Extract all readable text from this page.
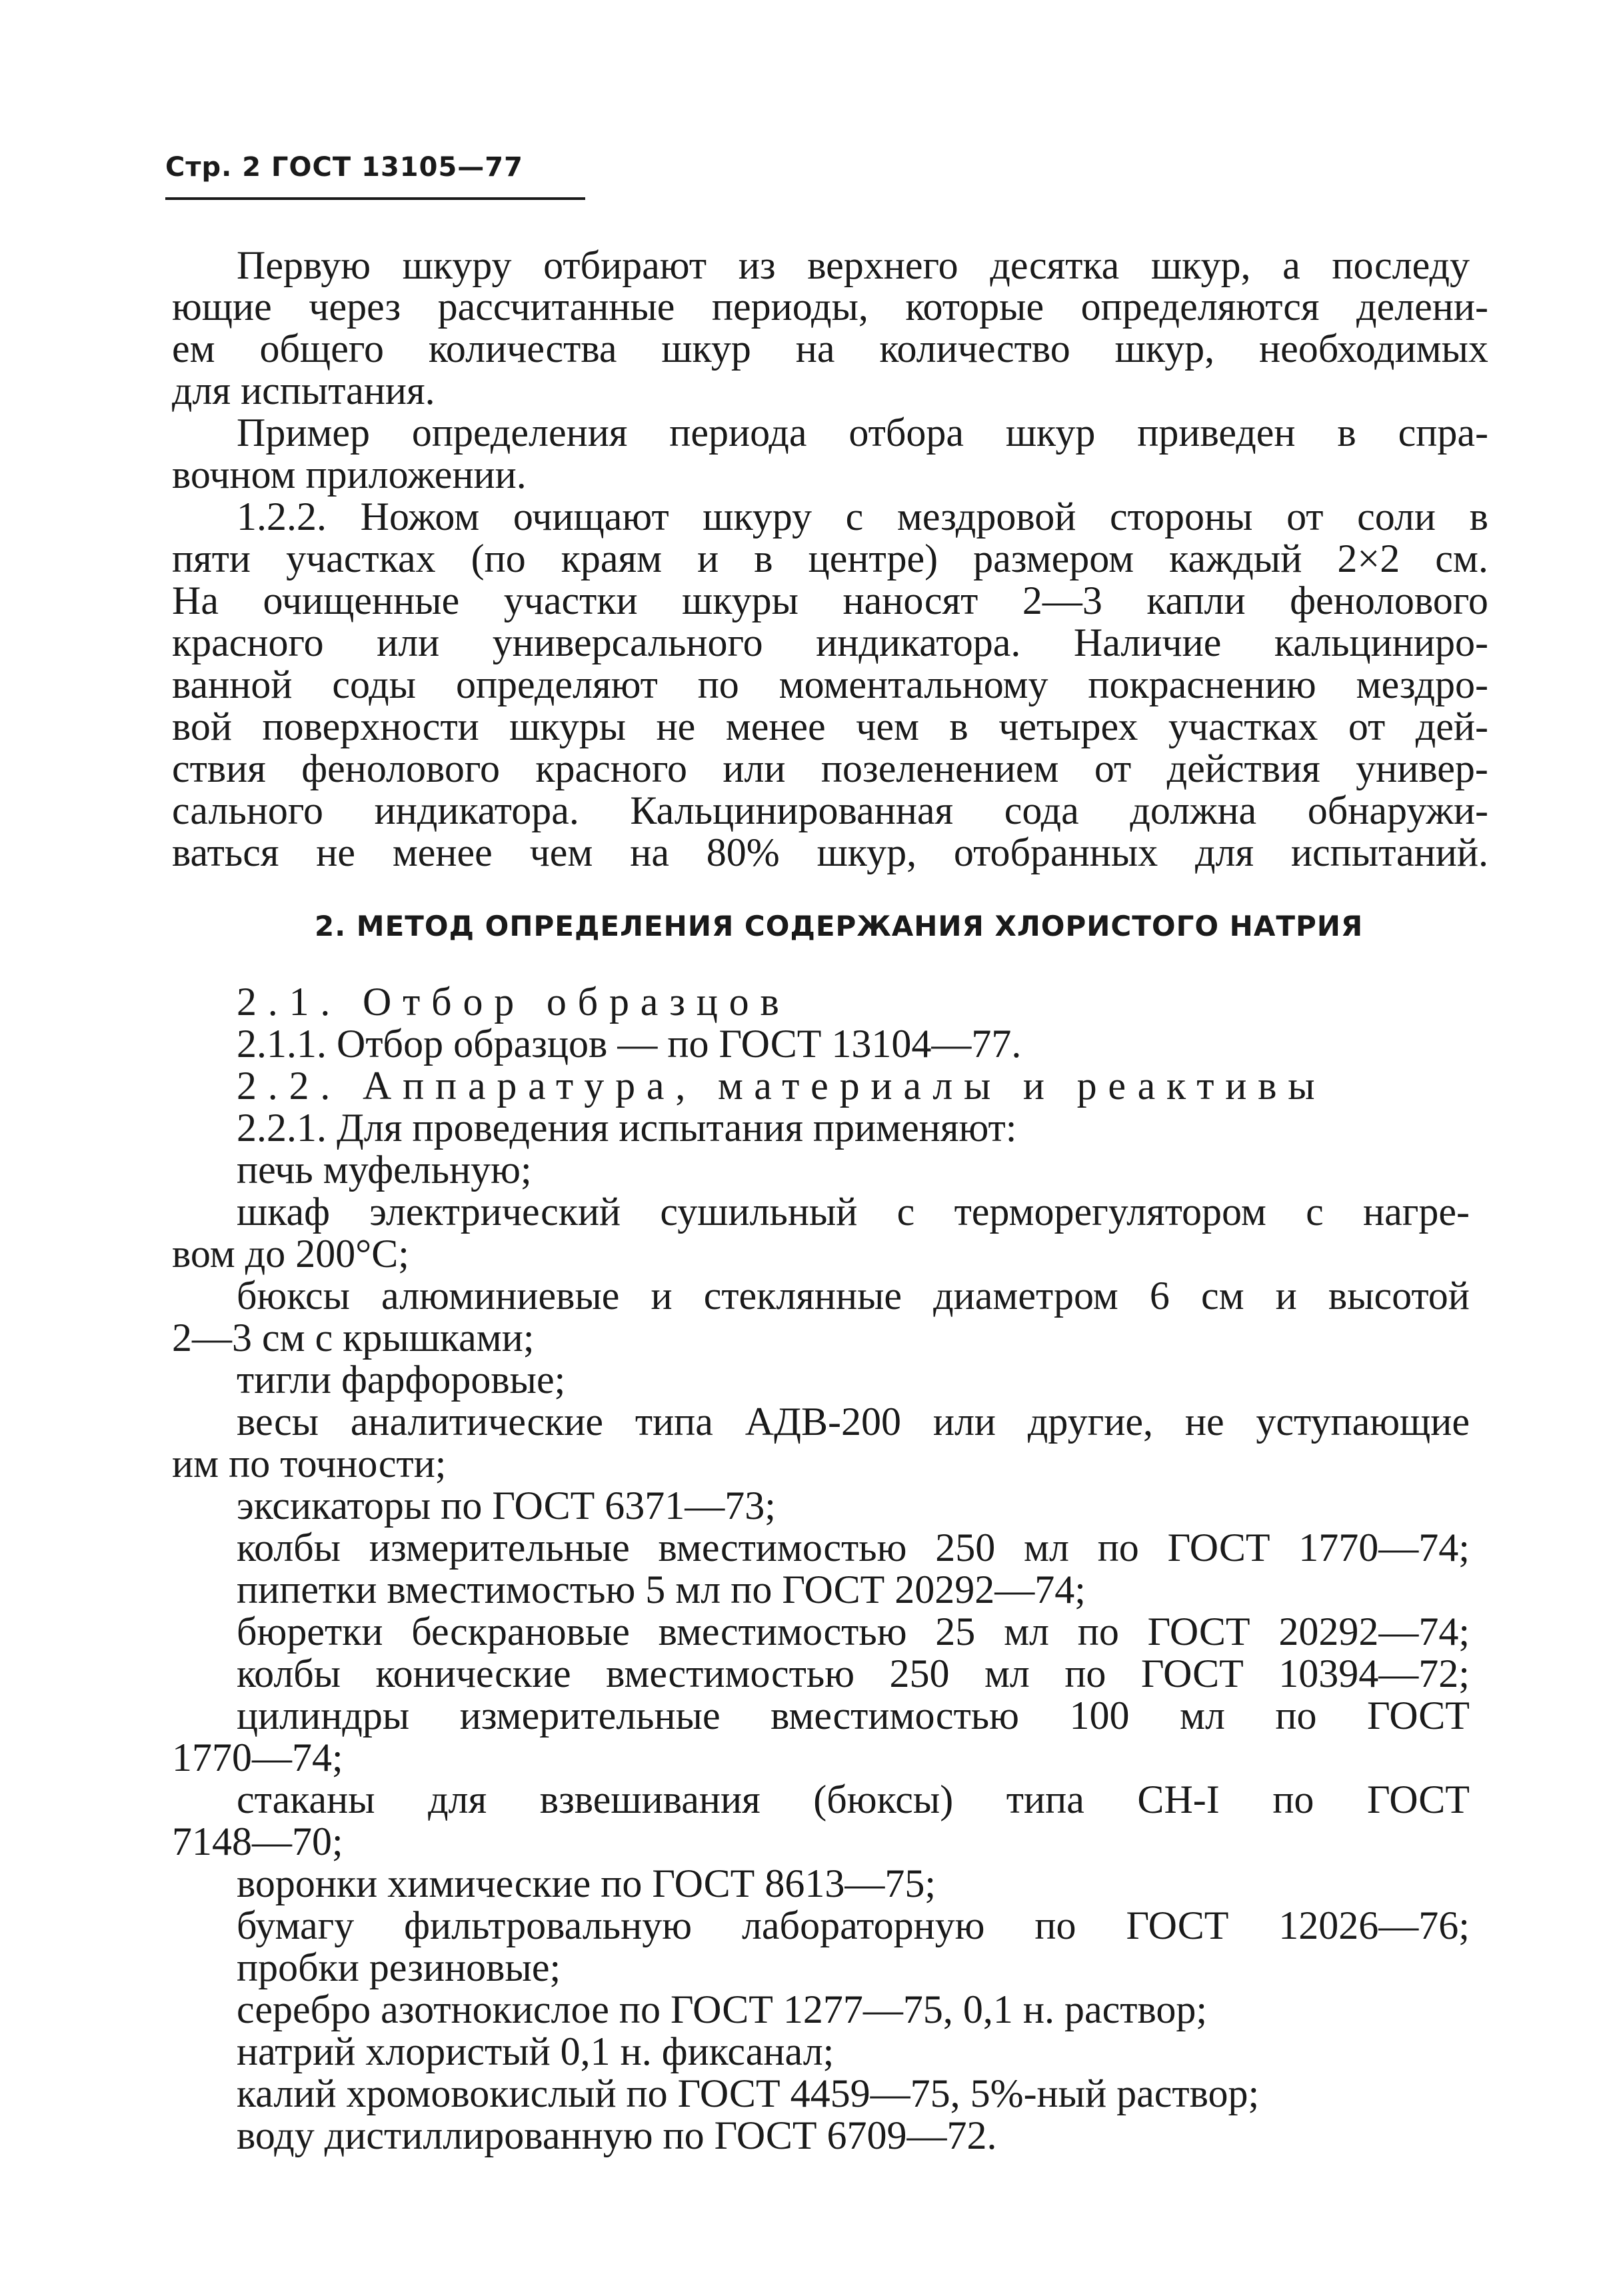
Стр. 2 ГОСТ 13105—77
Первую шкуру отбирают из верхнего десятка шкур, а последу
ющие через рассчитанные периоды, которые определяются делени-
ем общего количества шкур на количество шкур, необходимых
для испытания.
Пример определения периода отбора шкур приведен в спра-
вочном приложении.
1.2.2. Ножом очищают шкуру с мездровой стороны от соли в
пяти участках (по краям и в центре) размером каждый 2×2 см.
На очищенные участки шкуры наносят 2—3 капли фенолового
красного или универсального индикатора. Наличие кальциниро-
ванной соды определяют по моментальному покраснению мездро-
вой поверхности шкуры не менее чем в четырех участках от дей-
ствия фенолового красного или позеленением от действия универ-
сального индикатора. Кальцинированная сода должна обнаружи-
ваться не менее чем на 80% шкур, отобранных для испытаний.
2. МЕТОД ОПРЕДЕЛЕНИЯ СОДЕРЖАНИЯ ХЛОРИСТОГО НАТРИЯ
2.1. Отбор образцов
2.1.1. Отбор образцов — по ГОСТ 13104—77.
2.2. Аппаратура, материалы и реактивы
2.2.1. Для проведения испытания применяют:
печь муфельную;
шкаф электрический сушильный с терморегулятором с нагре-
вом до 200°С;
бюксы алюминиевые и стеклянные диаметром 6 см и высотой
2—3 см с крышками;
тигли фарфоровые;
весы аналитические типа АДВ-200 или другие, не уступающие
им по точности;
эксикаторы по ГОСТ 6371—73;
колбы измерительные вместимостью 250 мл по ГОСТ 1770—74;
пипетки вместимостью 5 мл по ГОСТ 20292—74;
бюретки бескрановые вместимостью 25 мл по ГОСТ 20292—74;
колбы конические вместимостью 250 мл по ГОСТ 10394—72;
цилиндры измерительные вместимостью 100 мл по ГОСТ
1770—74;
стаканы для взвешивания (бюксы) типа СН-I по ГОСТ
7148—70;
воронки химические по ГОСТ 8613—75;
бумагу фильтровальную лабораторную по ГОСТ 12026—76;
пробки резиновые;
серебро азотнокислое по ГОСТ 1277—75, 0,1 н. раствор;
натрий хлористый 0,1 н. фиксанал;
калий хромовокислый по ГОСТ 4459—75, 5%-ный раствор;
воду дистиллированную по ГОСТ 6709—72.
